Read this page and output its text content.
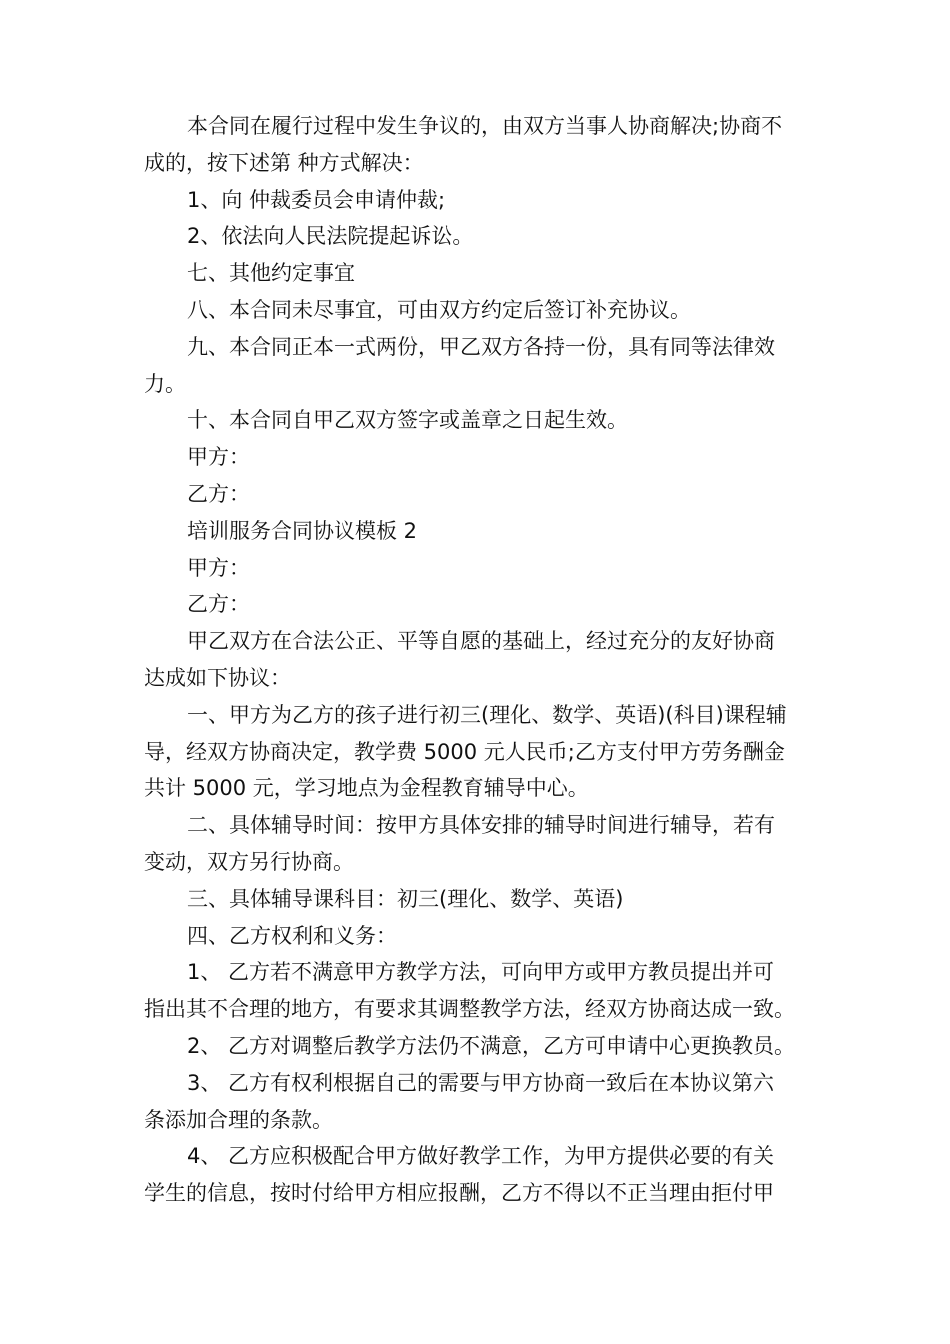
本合同在履行过程中发生争议的，由双方当事人协商解决;协商不
成的，按下述第 种方式解决：
1、向 仲裁委员会申请仲裁;
2、依法向人民法院提起诉讼。
七、其他约定事宜
八、本合同未尽事宜，可由双方约定后签订补充协议。
九、本合同正本一式两份，甲乙双方各持一份，具有同等法律效
力。
十、本合同自甲乙双方签字或盖章之日起生效。
甲方：
乙方：
培训服务合同协议模板 2
甲方：
乙方：
甲乙双方在合法公正、平等自愿的基础上，经过充分的友好协商
达成如下协议：
一、甲方为乙方的孩子进行初三(理化、数学、英语)(科目)课程辅
导，经双方协商决定，教学费 5000 元人民币;乙方支付甲方劳务酬金
共计 5000 元，学习地点为金程教育辅导中心。
二、具体辅导时间：按甲方具体安排的辅导时间进行辅导，若有
变动，双方另行协商。
三、具体辅导课科目：初三(理化、数学、英语)
四、乙方权利和义务：
1、 乙方若不满意甲方教学方法，可向甲方或甲方教员提出并可
指出其不合理的地方，有要求其调整教学方法，经双方协商达成一致。
2、 乙方对调整后教学方法仍不满意，乙方可申请中心更换教员。
3、 乙方有权利根据自己的需要与甲方协商一致后在本协议第六
条添加合理的条款。
4、 乙方应积极配合甲方做好教学工作，为甲方提供必要的有关
学生的信息，按时付给甲方相应报酬，乙方不得以不正当理由拒付甲
